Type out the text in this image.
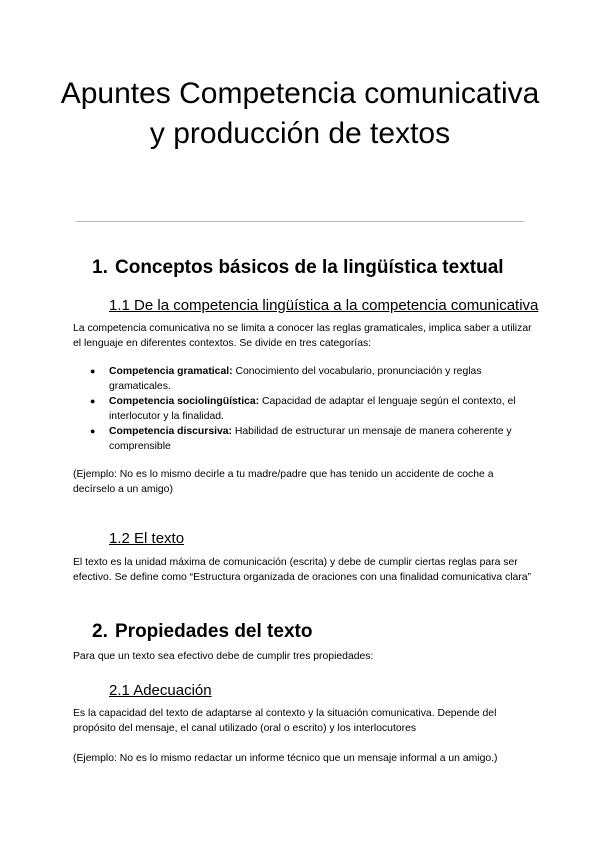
Apuntes Competencia comunicativa y producción de textos
1. Conceptos básicos de la lingüística textual
1.1 De la competencia lingüística a la competencia comunicativa

La competencia comunicativa no se limita a conocer las reglas gramaticales, implica saber a utilizar el lenguaje en diferentes contextos. Se divide en tres categorías:

● Competencia gramatical: Conocimiento del vocabulario, pronunciación y reglas gramaticales.
● Competencia sociolingüística: Capacidad de adaptar el lenguaje según el contexto, el interlocutor y la finalidad.
● Competencia discursiva: Habilidad de estructurar un mensaje de manera coherente y comprensible

(Ejemplo: No es lo mismo decirle a tu madre/padre que has tenido un accidente de coche a decírselo a un amigo)

1.2 El texto

El texto es la unidad máxima de comunicación (escrita) y debe de cumplir ciertas reglas para ser efectivo. Se define como “Estructura organizada de oraciones con una finalidad comunicativa clara”

2. Propiedades del texto

Para que un texto sea efectivo debe de cumplir tres propiedades:

2.1 Adecuación

Es la capacidad del texto de adaptarse al contexto y la situación comunicativa. Depende del propósito del mensaje, el canal utilizado (oral o escrito) y los interlocutores

(Ejemplo: No es lo mismo redactar un informe técnico que un mensaje informal a un amigo.)
